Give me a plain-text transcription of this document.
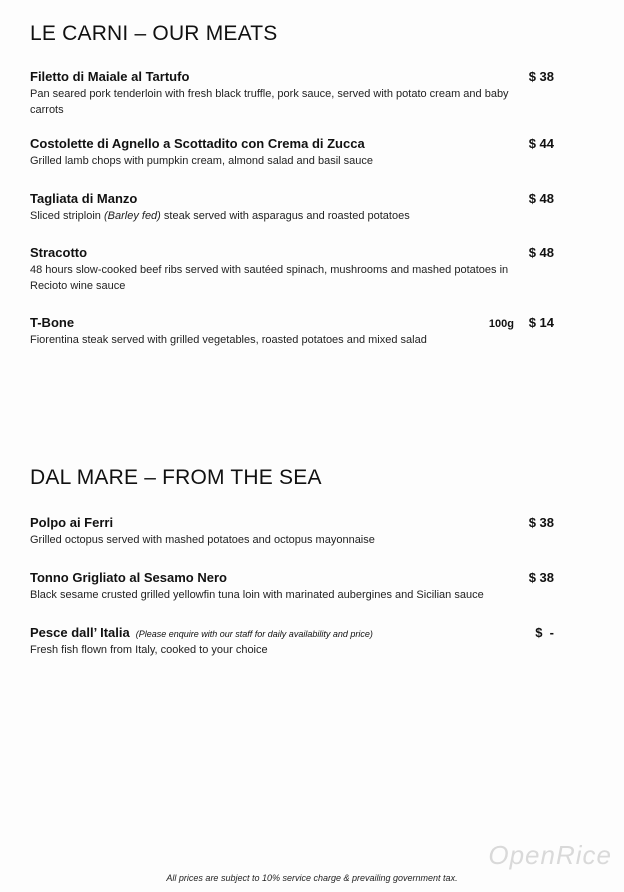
LE CARNI – OUR MEATS
Filetto di Maiale al Tartufo	$ 38
Pan seared pork tenderloin with fresh black truffle, pork sauce, served with potato cream and baby carrots
Costolette di Agnello a Scottadito con Crema di Zucca	$ 44
Grilled lamb chops with pumpkin cream, almond salad and basil sauce
Tagliata di Manzo	$ 48
Sliced striploin (Barley fed) steak served with asparagus and roasted potatoes
Stracotto	$ 48
48 hours slow-cooked beef ribs served with sautéed spinach, mushrooms and mashed potatoes in Recioto wine sauce
T-Bone	100g $ 14
Fiorentina steak served with grilled vegetables, roasted potatoes and mixed salad
DAL MARE – FROM THE SEA
Polpo ai Ferri	$ 38
Grilled octopus served with mashed potatoes and octopus mayonnaise
Tonno Grigliato al Sesamo Nero	$ 38
Black sesame crusted grilled yellowfin tuna loin with marinated aubergines and Sicilian sauce
Pesce dall’ Italia (Please enquire with our staff for daily availability and price)	$  -
Fresh fish flown from Italy, cooked to your choice
OpenRice
All prices are subject to 10% service charge & prevailing government tax.
